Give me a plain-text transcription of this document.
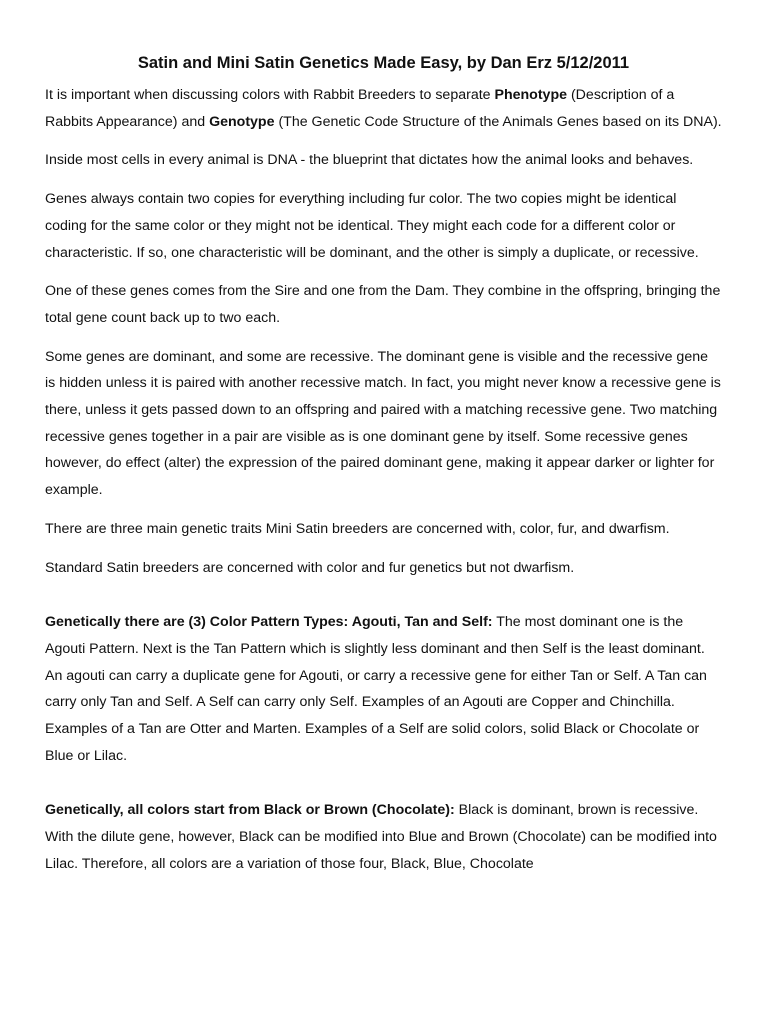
Satin and Mini Satin Genetics Made Easy, by Dan Erz 5/12/2011

It is important when discussing colors with Rabbit Breeders to separate Phenotype (Description of a Rabbits Appearance) and Genotype (The Genetic Code Structure of the Animals Genes based on its DNA).

Inside most cells in every animal is DNA - the blueprint that dictates how the animal looks and behaves.

Genes always contain two copies for everything including fur color. The two copies might be identical coding for the same color or they might not be identical. They might each code for a different color or characteristic. If so, one characteristic will be dominant, and the other is simply a duplicate, or recessive.

One of these genes comes from the Sire and one from the Dam. They combine in the offspring, bringing the total gene count back up to two each.

Some genes are dominant, and some are recessive. The dominant gene is visible and the recessive gene is hidden unless it is paired with another recessive match. In fact, you might never know a recessive gene is there, unless it gets passed down to an offspring and paired with a matching recessive gene. Two matching recessive genes together in a pair are visible as is one dominant gene by itself. Some recessive genes however, do effect (alter) the expression of the paired dominant gene, making it appear darker or lighter for example.

There are three main genetic traits Mini Satin breeders are concerned with, color, fur, and dwarfism.

Standard Satin breeders are concerned with color and fur genetics but not dwarfism.

Genetically there are (3) Color Pattern Types: Agouti, Tan and Self: The most dominant one is the Agouti Pattern. Next is the Tan Pattern which is slightly less dominant and then Self is the least dominant. An agouti can carry a duplicate gene for Agouti, or carry a recessive gene for either Tan or Self. A Tan can carry only Tan and Self. A Self can carry only Self. Examples of an Agouti are Copper and Chinchilla. Examples of a Tan are Otter and Marten. Examples of a Self are solid colors, solid Black or Chocolate or Blue or Lilac.

Genetically, all colors start from Black or Brown (Chocolate): Black is dominant, brown is recessive. With the dilute gene, however, Black can be modified into Blue and Brown (Chocolate) can be modified into Lilac. Therefore, all colors are a variation of those four, Black, Blue, Chocolate
